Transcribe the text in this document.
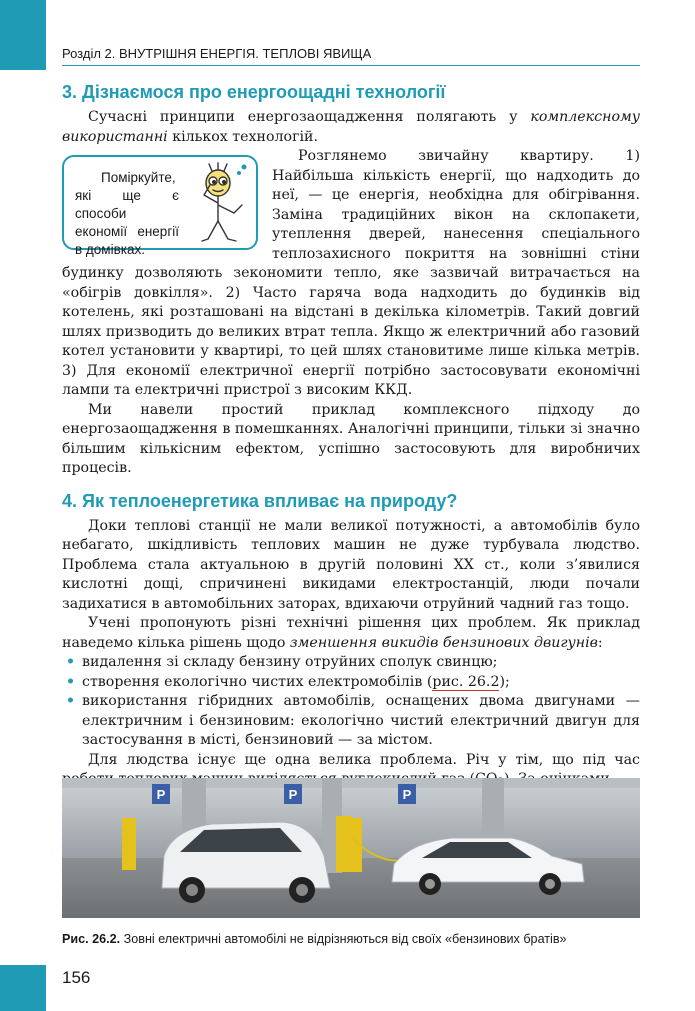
Розділ 2. ВНУТРІШНЯ ЕНЕРГІЯ. ТЕПЛОВІ ЯВИЩА
3. Дізнаємося про енергоощадні технології

Сучасні принципи енергозаощадження полягають у комплексному використанні кількох технологій.

Поміркуйте, які ще є способи економії енергії в домівках.
Розглянемо звичайну квартиру. 1) Найбільша кількість енергії, що надходить до неї, — це енергія, необхідна для обігрівання. Заміна традиційних вікон на склопакети, утеплення дверей, нанесення спеціального теплозахисного покриття на зовнішні стіни будинку дозволяють зекономити тепло, яке зазвичай витрачається на «обігрів довкілля». 2) Часто гаряча вода надходить до будинків від котелень, які розташовані на відстані в декілька кілометрів. Такий довгий шлях призводить до великих втрат тепла. Якщо ж електричний або газовий котел установити у квартирі, то цей шлях становитиме лише кілька метрів. 3) Для економії електричної енергії потрібно застосовувати економічні лампи та електричні пристрої з високим ККД.

Ми навели простий приклад комплексного підходу до енергозаощадження в помешканнях. Аналогічні принципи, тільки зі значно більшим кількісним ефектом, успішно застосовують для виробничих процесів.

4. Як теплоенергетика впливає на природу?

Доки теплові станції не мали великої потужності, а автомобілів було небагато, шкідливість теплових машин не дуже турбувала людство. Проблема стала актуальною в другій половині XX ст., коли з’явилися кислотні дощі, спричинені викидами електростанцій, люди почали задихатися в автомобільних заторах, вдихаючи отруйний чадний газ тощо.

Учені пропонують різні технічні рішення цих проблем. Як приклад наведемо кілька рішень щодо зменшення викидів бензинових двигунів:

• видалення зі складу бензину отруйних сполук свинцю;
• створення екологічно чистих електромобілів (рис. 26.2);
• використання гібридних автомобілів, оснащених двома двигунами — електричним і бензиновим: екологічно чистий електричний двигун для застосування в місті, бензиновий — за містом.

Для людства існує ще одна велика проблема. Річ у тім, що під час

P	P	P
Рис. 26.2. Зовні електричні автомобілі не відрізняються від своїх «бензинових братів»
156
